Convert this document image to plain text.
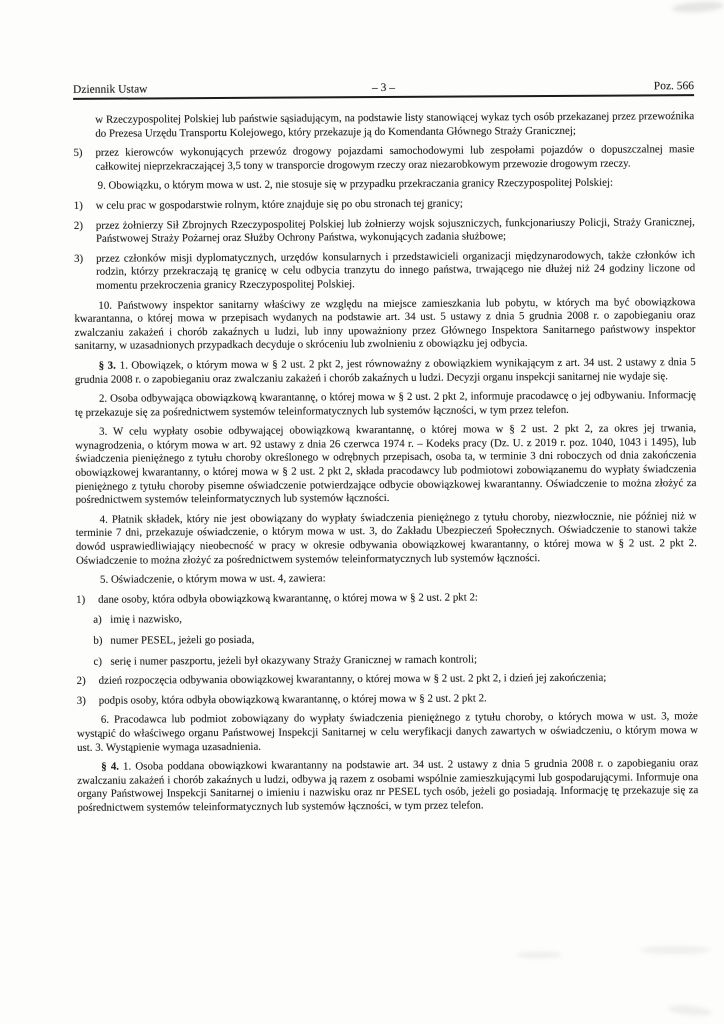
Dziennik Ustaw	– 3 –	Poz. 566

w Rzeczypospolitej Polskiej lub państwie sąsiadującym, na podstawie listy stanowiącej wykaz tych osób przekazanej przez przewoźnika do Prezesa Urzędu Transportu Kolejowego, który przekazuje ją do Komendanta Głównego Straży Granicznej;

5)	przez kierowców wykonujących przewóz drogowy pojazdami samochodowymi lub zespołami pojazdów o dopuszczalnej masie całkowitej nieprzekraczającej 3,5 tony w transporcie drogowym rzeczy oraz niezarobkowym przewozie drogowym rzeczy.

9. Obowiązku, o którym mowa w ust. 2, nie stosuje się w przypadku przekraczania granicy Rzeczypospolitej Polskiej:

1)	w celu prac w gospodarstwie rolnym, które znajduje się po obu stronach tej granicy;
2)	przez żołnierzy Sił Zbrojnych Rzeczypospolitej Polskiej lub żołnierzy wojsk sojuszniczych, funkcjonariuszy Policji, Straży Granicznej, Państwowej Straży Pożarnej oraz Służby Ochrony Państwa, wykonujących zadania służbowe;
3)	przez członków misji dyplomatycznych, urzędów konsularnych i przedstawicieli organizacji międzynarodowych, także członków ich rodzin, którzy przekraczają tę granicę w celu odbycia tranzytu do innego państwa, trwającego nie dłużej niż 24 godziny liczone od momentu przekroczenia granicy Rzeczypospolitej Polskiej.

10. Państwowy inspektor sanitarny właściwy ze względu na miejsce zamieszkania lub pobytu, w których ma być obowiązkowa kwarantanna, o której mowa w przepisach wydanych na podstawie art. 34 ust. 5 ustawy z dnia 5 grudnia 2008 r. o zapobieganiu oraz zwalczaniu zakażeń i chorób zakaźnych u ludzi, lub inny upoważniony przez Głównego Inspektora Sanitarnego państwowy inspektor sanitarny, w uzasadnionych przypadkach decyduje o skróceniu lub zwolnieniu z obowiązku jej odbycia.

§ 3. 1. Obowiązek, o którym mowa w § 2 ust. 2 pkt 2, jest równoważny z obowiązkiem wynikającym z art. 34 ust. 2 ustawy z dnia 5 grudnia 2008 r. o zapobieganiu oraz zwalczaniu zakażeń i chorób zakaźnych u ludzi. Decyzji organu inspekcji sanitarnej nie wydaje się.

2. Osoba odbywająca obowiązkową kwarantannę, o której mowa w § 2 ust. 2 pkt 2, informuje pracodawcę o jej odbywaniu. Informację tę przekazuje się za pośrednictwem systemów teleinformatycznych lub systemów łączności, w tym przez telefon.

3. W celu wypłaty osobie odbywającej obowiązkową kwarantannę, o której mowa w § 2 ust. 2 pkt 2, za okres jej trwania, wynagrodzenia, o którym mowa w art. 92 ustawy z dnia 26 czerwca 1974 r. – Kodeks pracy (Dz. U. z 2019 r. poz. 1040, 1043 i 1495), lub świadczenia pieniężnego z tytułu choroby określonego w odrębnych przepisach, osoba ta, w terminie 3 dni roboczych od dnia zakończenia obowiązkowej kwarantanny, o której mowa w § 2 ust. 2 pkt 2, składa pracodawcy lub podmiotowi zobowiązanemu do wypłaty świadczenia pieniężnego z tytułu choroby pisemne oświadczenie potwierdzające odbycie obowiązkowej kwarantanny. Oświadczenie to można złożyć za pośrednictwem systemów teleinformatycznych lub systemów łączności.

4. Płatnik składek, który nie jest obowiązany do wypłaty świadczenia pieniężnego z tytułu choroby, niezwłocznie, nie później niż w terminie 7 dni, przekazuje oświadczenie, o którym mowa w ust. 3, do Zakładu Ubezpieczeń Społecznych. Oświadczenie to stanowi także dowód usprawiedliwiający nieobecność w pracy w okresie odbywania obowiązkowej kwarantanny, o której mowa w § 2 ust. 2 pkt 2. Oświadczenie to można złożyć za pośrednictwem systemów teleinformatycznych lub systemów łączności.

5. Oświadczenie, o którym mowa w ust. 4, zawiera:

1)	dane osoby, która odbyła obowiązkową kwarantannę, o której mowa w § 2 ust. 2 pkt 2:
a) imię i nazwisko,
b) numer PESEL, jeżeli go posiada,
c) serię i numer paszportu, jeżeli był okazywany Straży Granicznej w ramach kontroli;
2)	dzień rozpoczęcia odbywania obowiązkowej kwarantanny, o której mowa w § 2 ust. 2 pkt 2, i dzień jej zakończenia;
3)	podpis osoby, która odbyła obowiązkową kwarantannę, o której mowa w § 2 ust. 2 pkt 2.

6. Pracodawca lub podmiot zobowiązany do wypłaty świadczenia pieniężnego z tytułu choroby, o których mowa w ust. 3, może wystąpić do właściwego organu Państwowej Inspekcji Sanitarnej w celu weryfikacji danych zawartych w oświadczeniu, o którym mowa w ust. 3. Wystąpienie wymaga uzasadnienia.

§ 4. 1. Osoba poddana obowiązkowi kwarantanny na podstawie art. 34 ust. 2 ustawy z dnia 5 grudnia 2008 r. o zapobieganiu oraz zwalczaniu zakażeń i chorób zakaźnych u ludzi, odbywa ją razem z osobami wspólnie zamieszkującymi lub gospodarującymi. Informuje ona organy Państwowej Inspekcji Sanitarnej o imieniu i nazwisku oraz nr PESEL tych osób, jeżeli go posiadają. Informację tę przekazuje się za pośrednictwem systemów teleinformatycznych lub systemów łączności, w tym przez telefon.
